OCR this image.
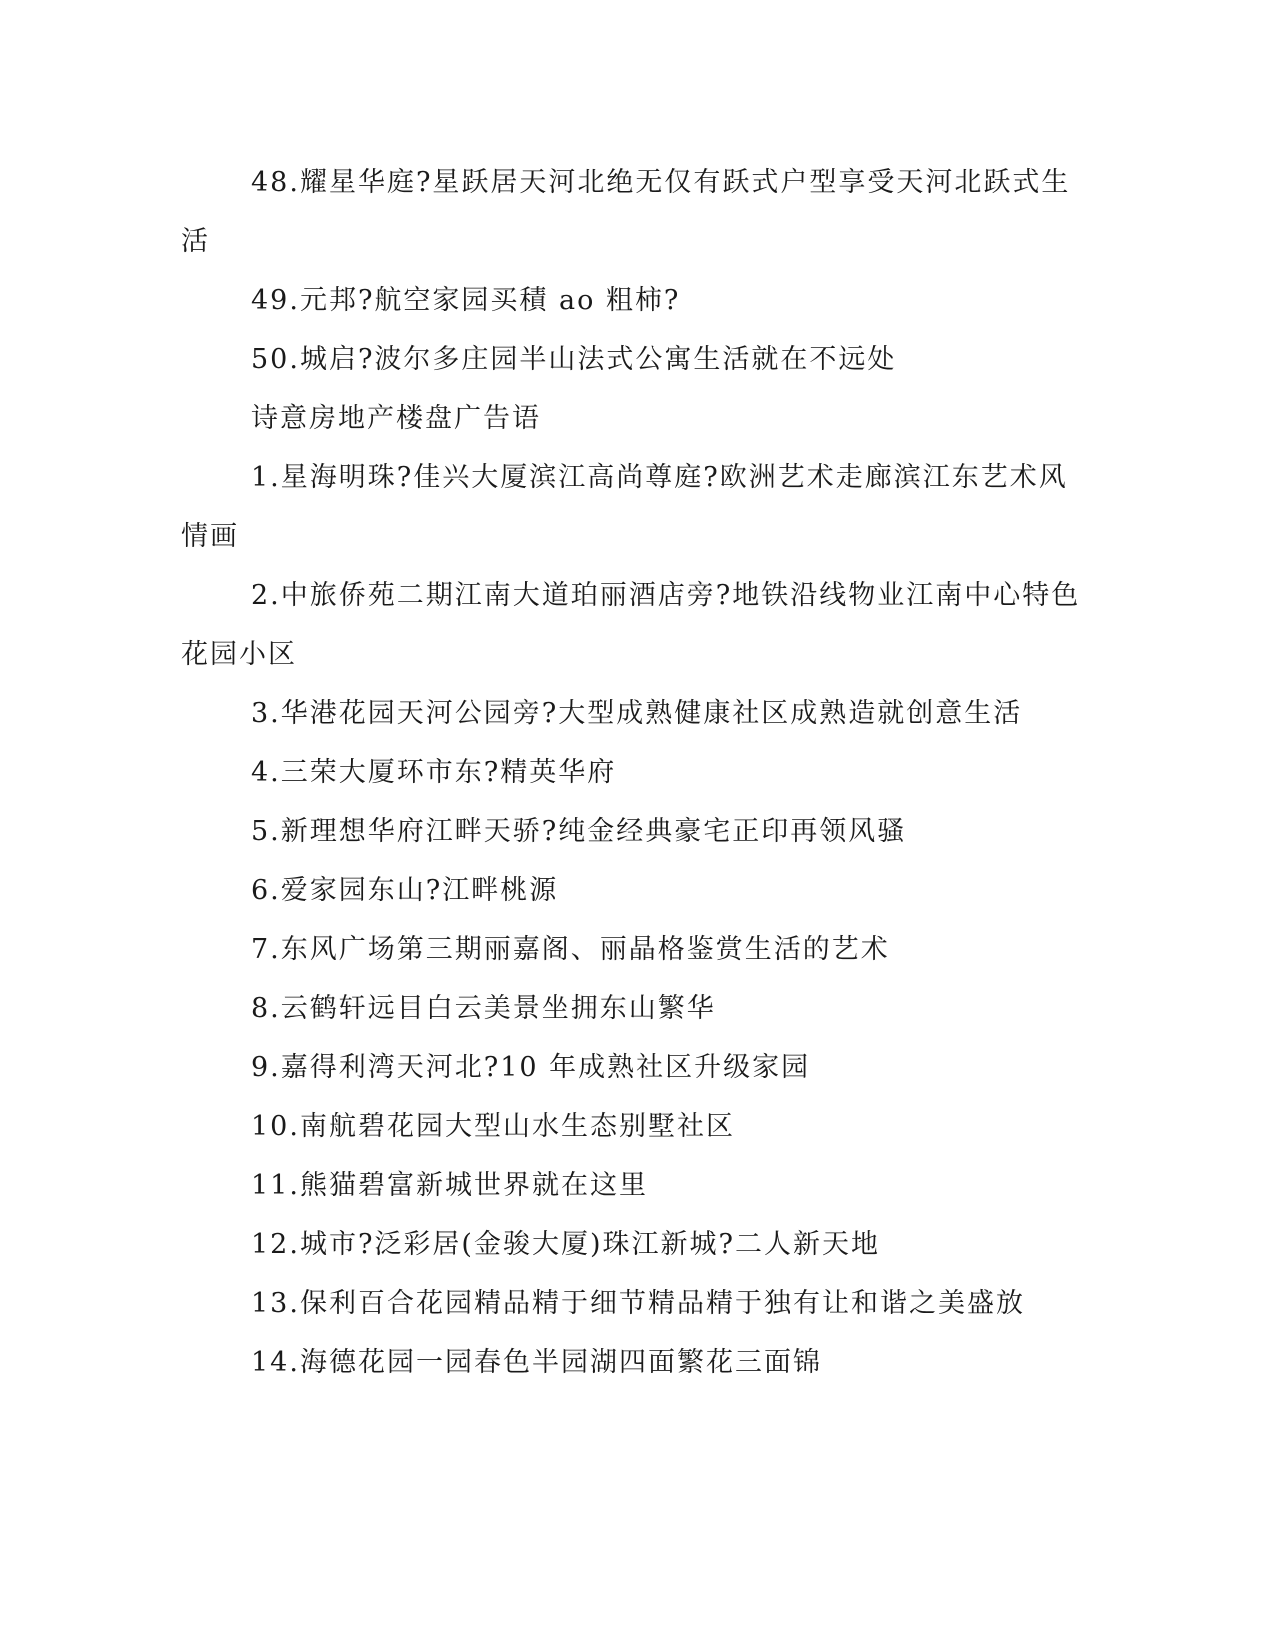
48.耀星华庭?星跃居天河北绝无仅有跃式户型享受天河北跃式生
活
49.元邦?航空家园买積 ao 粗柿?
50.城启?波尔多庄园半山法式公寓生活就在不远处
诗意房地产楼盘广告语
1.星海明珠?佳兴大厦滨江高尚尊庭?欧洲艺术走廊滨江东艺术风
情画
2.中旅侨苑二期江南大道珀丽酒店旁?地铁沿线物业江南中心特色
花园小区
3.华港花园天河公园旁?大型成熟健康社区成熟造就创意生活
4.三荣大厦环市东?精英华府
5.新理想华府江畔天骄?纯金经典豪宅正印再领风骚
6.爱家园东山?江畔桃源
7.东风广场第三期丽嘉阁、丽晶格鉴赏生活的艺术
8.云鹤轩远目白云美景坐拥东山繁华
9.嘉得利湾天河北?10 年成熟社区升级家园
10.南航碧花园大型山水生态别墅社区
11.熊猫碧富新城世界就在这里
12.城市?泛彩居(金骏大厦)珠江新城?二人新天地
13.保利百合花园精品精于细节精品精于独有让和谐之美盛放
14.海德花园一园春色半园湖四面繁花三面锦
